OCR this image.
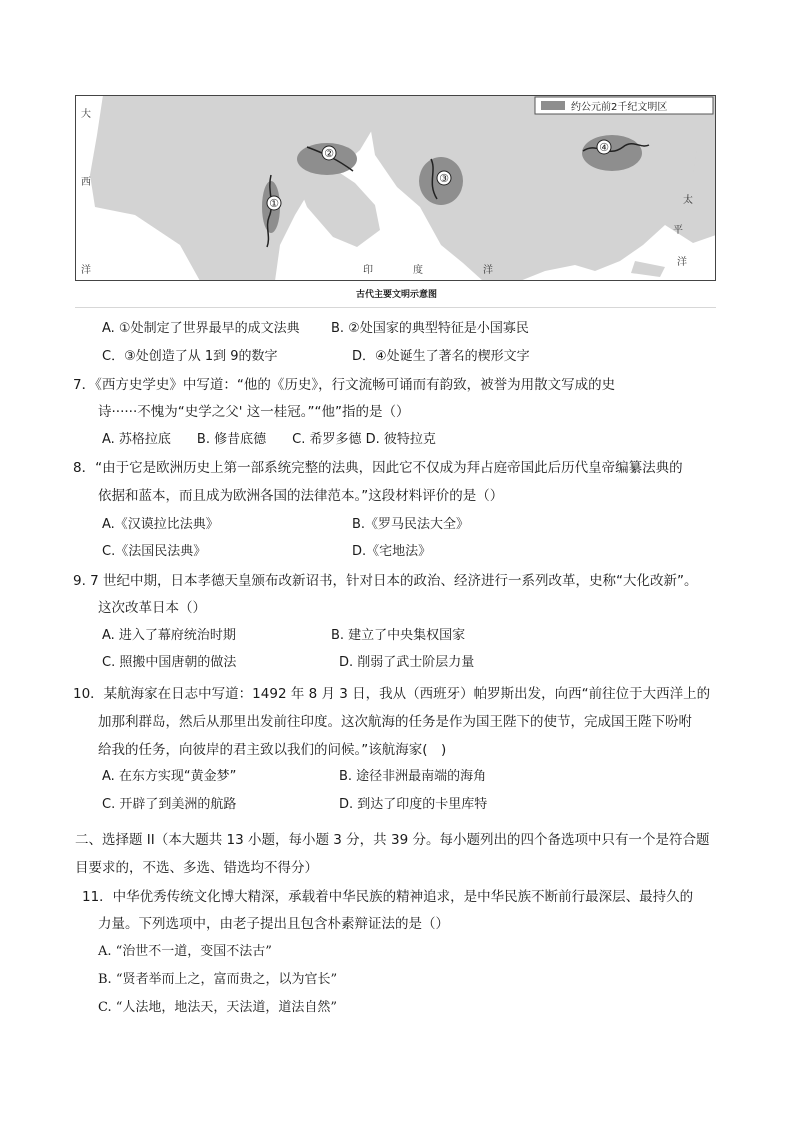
约公元前2千纪文明区
①
②
③
④
大
西
洋	印	度	洋
太
平
洋
古代主要文明示意图
A. ①处制定了世界最早的成文法典 B. ②处国家的典型特征是小国寡民
C．③处创造了从 1到 9的数字	D．④处诞生了著名的楔形文字
7．《西方史学史》中写道：“他的《历史》，行文流畅可诵而有韵致，被誉为用散文写成的史
诗······不愧为“史学之父' 这一桂冠。”“他”指的是（）
A. 苏格拉底　　B. 修昔底德　　C. 希罗多德 D. 彼特拉克
8．“由于它是欧洲历史上第一部系统完整的法典，因此它不仅成为拜占庭帝国此后历代皇帝编纂法典的
依据和蓝本，而且成为欧洲各国的法律范本。”这段材料评价的是（）
A.《汉谟拉比法典》	B.《罗马民法大全》
C.《法国民法典》	D.《宅地法》
9. 7 世纪中期，日本孝德天皇颁布改新诏书，针对日本的政治、经济进行一系列改革，史称“大化改新”。
这次改革日本（）
A. 进入了幕府统治时期	B. 建立了中央集权国家
C. 照搬中国唐朝的做法	D. 削弱了武士阶层力量
10．某航海家在日志中写道：1492 年 8 月 3 日，我从（西班牙）帕罗斯出发，向西“前往位于大西洋上的
加那利群岛，然后从那里出发前往印度。这次航海的任务是作为国王陛下的使节，完成国王陛下吩咐
给我的任务，向彼岸的君主致以我们的问候。”该航海家(　)
A. 在东方实现“黄金梦”	B. 途径非洲最南端的海角
C. 开辟了到美洲的航路	D. 到达了印度的卡里库特
二、选择题 II（本大题共 13 小题，每小题 3 分，共 39 分。每小题列出的四个备选项中只有一个是符合题
目要求的，不选、多选、错选均不得分）
11．中华优秀传统文化博大精深，承载着中华民族的精神追求，是中华民族不断前行最深层、最持久的
力量。下列选项中，由老子提出且包含朴素辩证法的是（）
A. “治世不一道，变国不法古”
B. “贤者举而上之，富而贵之，以为官长”
C. “人法地，地法天，天法道，道法自然”
